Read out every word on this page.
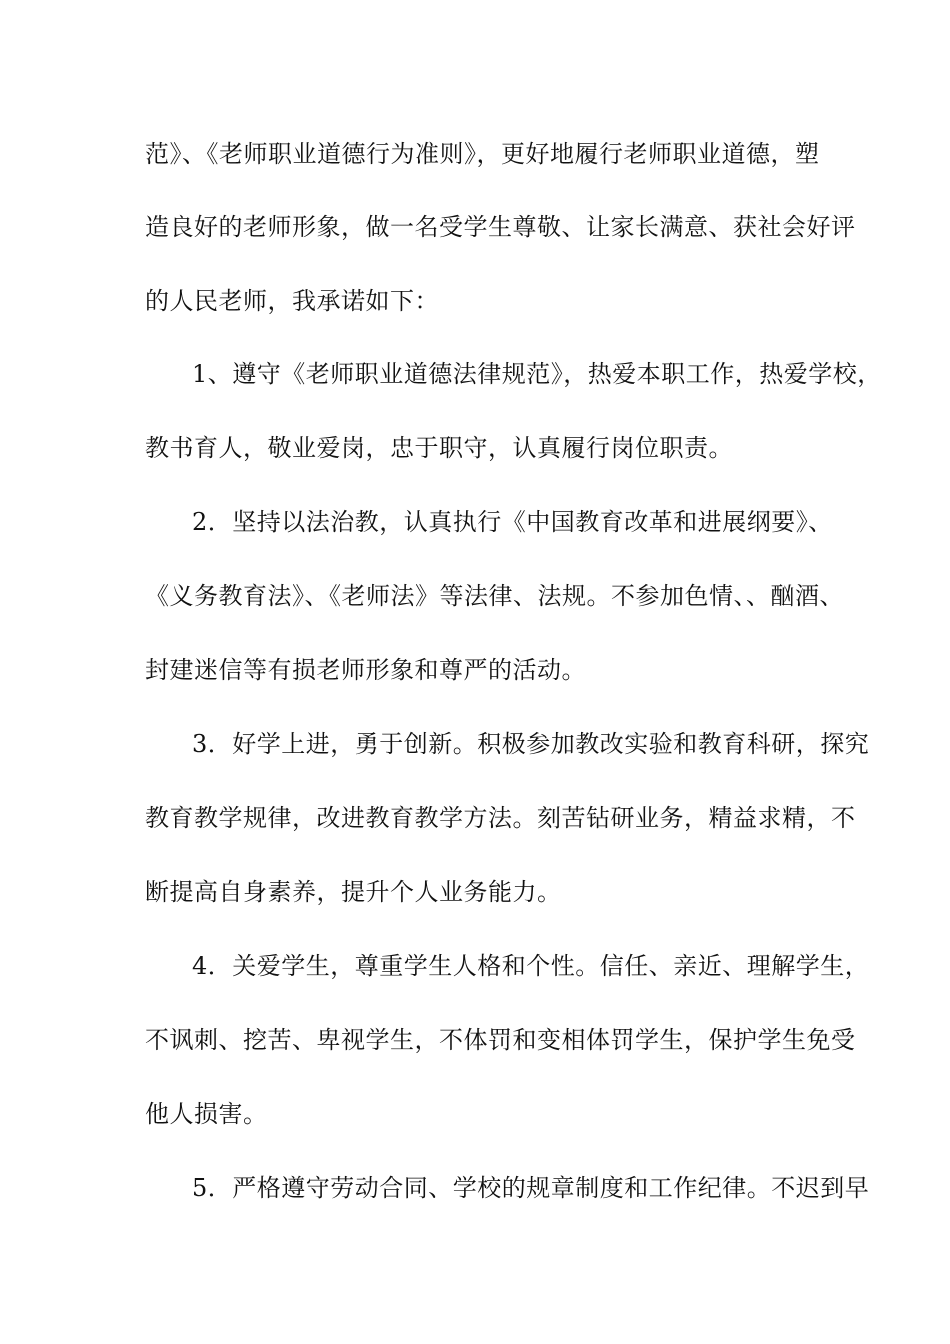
范》、《老师职业道德行为准则》，更好地履行老师职业道德，塑
造良好的老师形象，做一名受学生尊敬、让家长满意、获社会好评
的人民老师，我承诺如下：
1、遵守《老师职业道德法律规范》，热爱本职工作，热爱学校，
教书育人，敬业爱岗，忠于职守，认真履行岗位职责。
2．坚持以法治教，认真执行《中国教育改革和进展纲要》、
《义务教育法》、《老师法》等法律、法规。不参加色情、、酗酒、
封建迷信等有损老师形象和尊严的活动。
3．好学上进，勇于创新。积极参加教改实验和教育科研，探究
教育教学规律，改进教育教学方法。刻苦钻研业务，精益求精，不
断提高自身素养，提升个人业务能力。
4．关爱学生，尊重学生人格和个性。信任、亲近、理解学生，
不讽刺、挖苦、卑视学生，不体罚和变相体罚学生，保护学生免受
他人损害。
5．严格遵守劳动合同、学校的规章制度和工作纪律。不迟到早
